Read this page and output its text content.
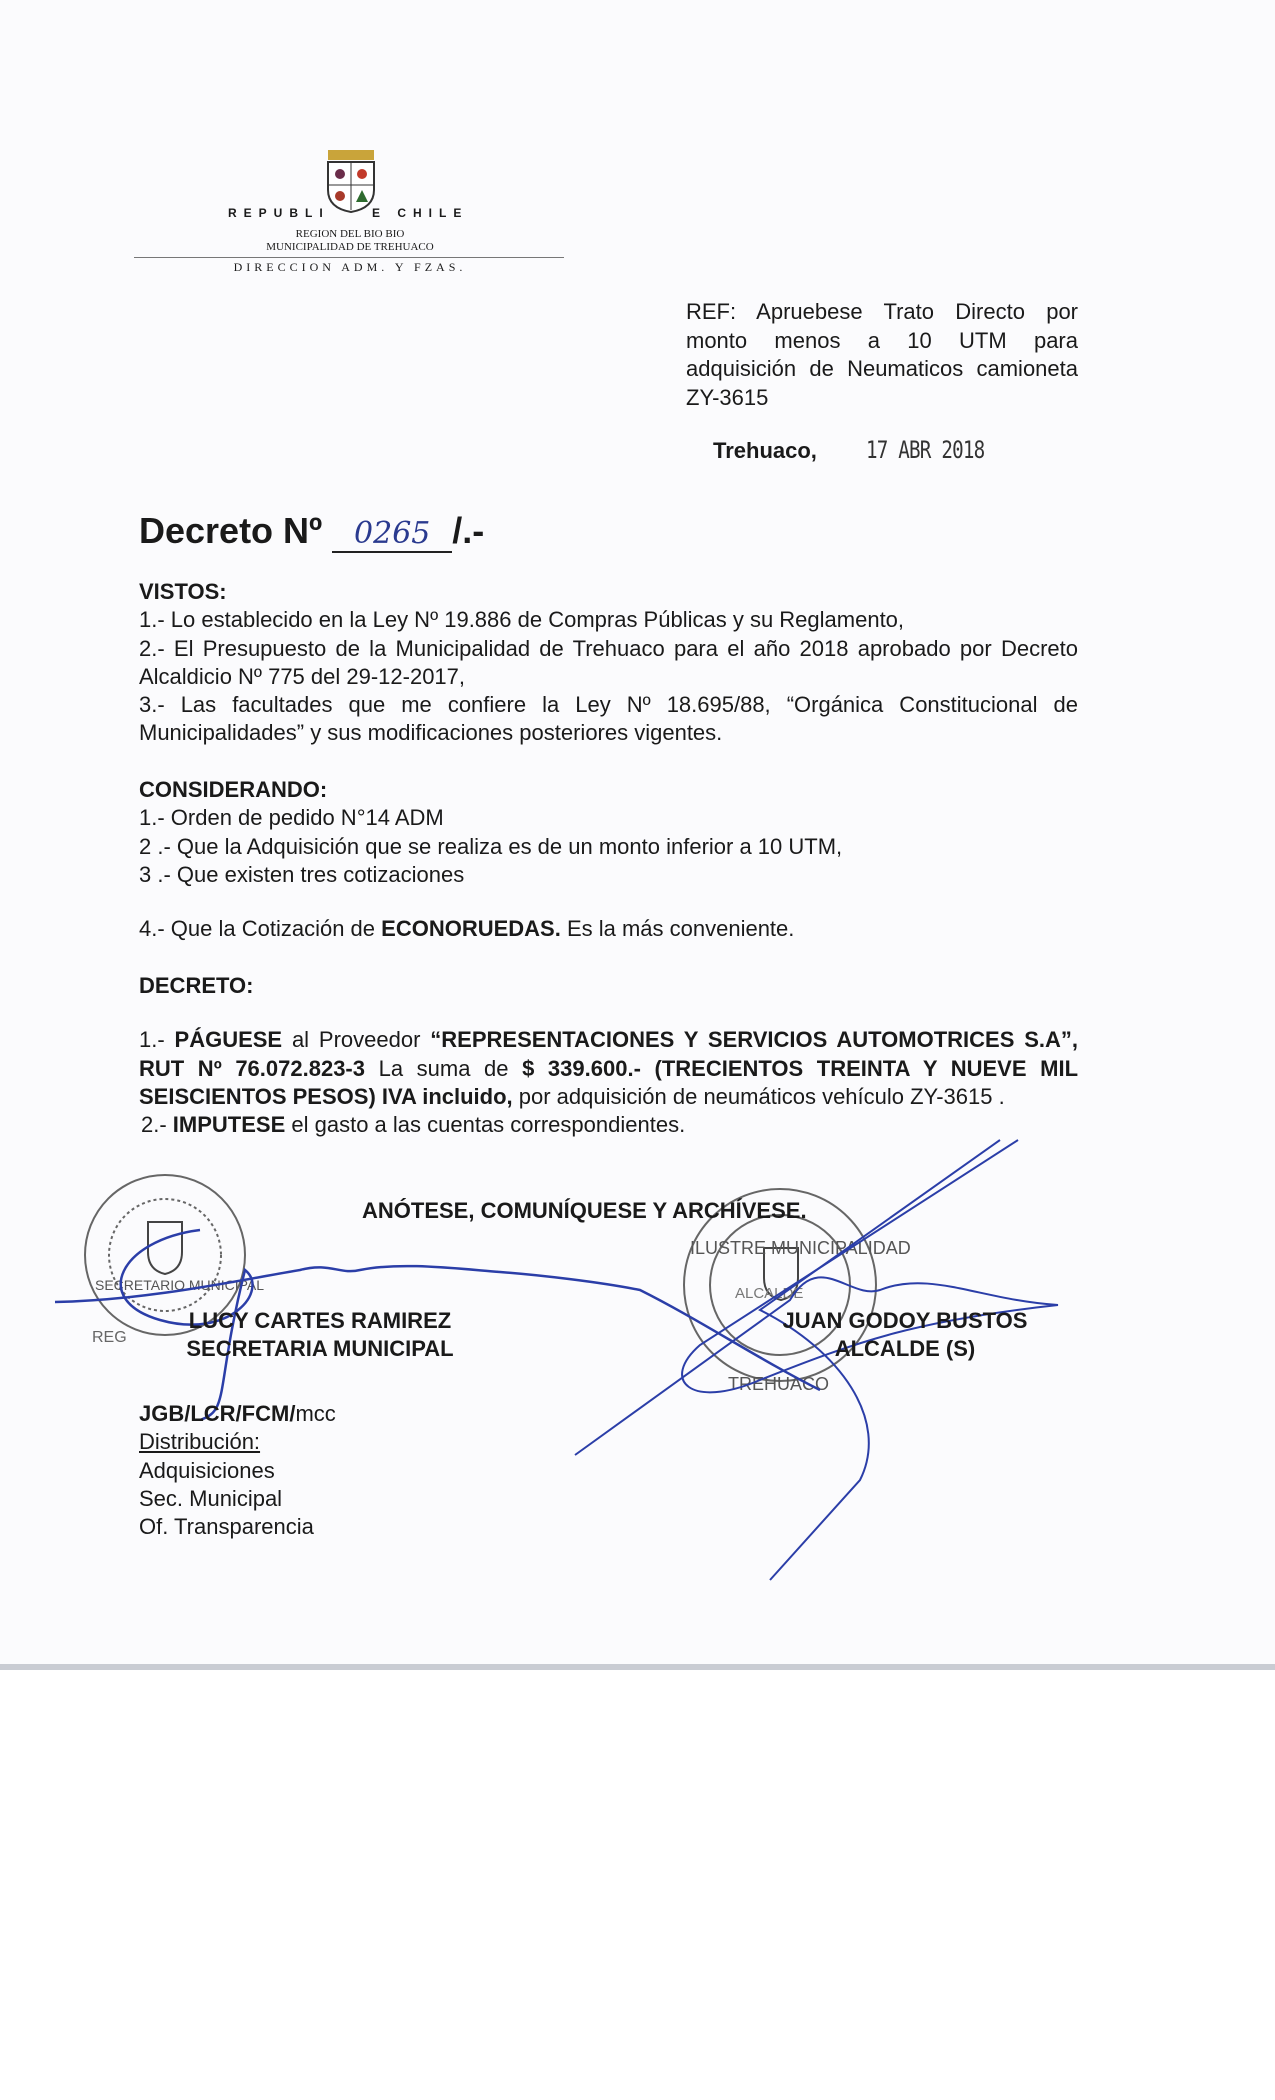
SECRETARIO MUNICIPAL
REG
ILUSTRE MUNICIPALIDAD
TREHUACO
ALCALDE
REPUBLI	E CHILE
REGION DEL BIO BIO
MUNICIPALIDAD DE TREHUACO
DIRECCION ADM. Y FZAS.
REF: Apruebese Trato Directo por monto menos a 10 UTM para adquisición de Neumaticos camioneta ZY-3615
Trehuaco, 17 ABR 2018
Decreto Nº 0265 /.-
VISTOS:
1.- Lo establecido en la Ley Nº 19.886 de Compras Públicas y su Reglamento,
2.- El Presupuesto de la Municipalidad de Trehuaco para el año 2018 aprobado por Decreto Alcaldicio Nº 775 del 29-12-2017,
3.- Las facultades que me confiere la Ley Nº 18.695/88, “Orgánica Constitucional de Municipalidades” y sus modificaciones posteriores vigentes.
CONSIDERANDO:
1.- Orden de pedido N°14 ADM
2 .- Que la Adquisición que se realiza es de un monto inferior a 10 UTM,
3 .- Que existen tres cotizaciones
4.- Que la Cotización de ECONORUEDAS. Es la más conveniente.
DECRETO:
1.- PÁGUESE al Proveedor “REPRESENTACIONES Y SERVICIOS AUTOMOTRICES S.A”, RUT Nº 76.072.823-3 La suma de $ 339.600.- (TRECIENTOS TREINTA Y NUEVE MIL SEISCIENTOS PESOS) IVA incluido, por adquisición de neumáticos vehículo ZY-3615 .
2.- IMPUTESE el gasto a las cuentas correspondientes.
ANÓTESE, COMUNÍQUESE Y ARCHÍVESE.
LUCY CARTES RAMIREZ
SECRETARIA MUNICIPAL
JUAN GODOY BUSTOS
ALCALDE (S)
JGB/LCR/FCM/mcc
Distribución:
Adquisiciones
Sec. Municipal
Of. Transparencia
